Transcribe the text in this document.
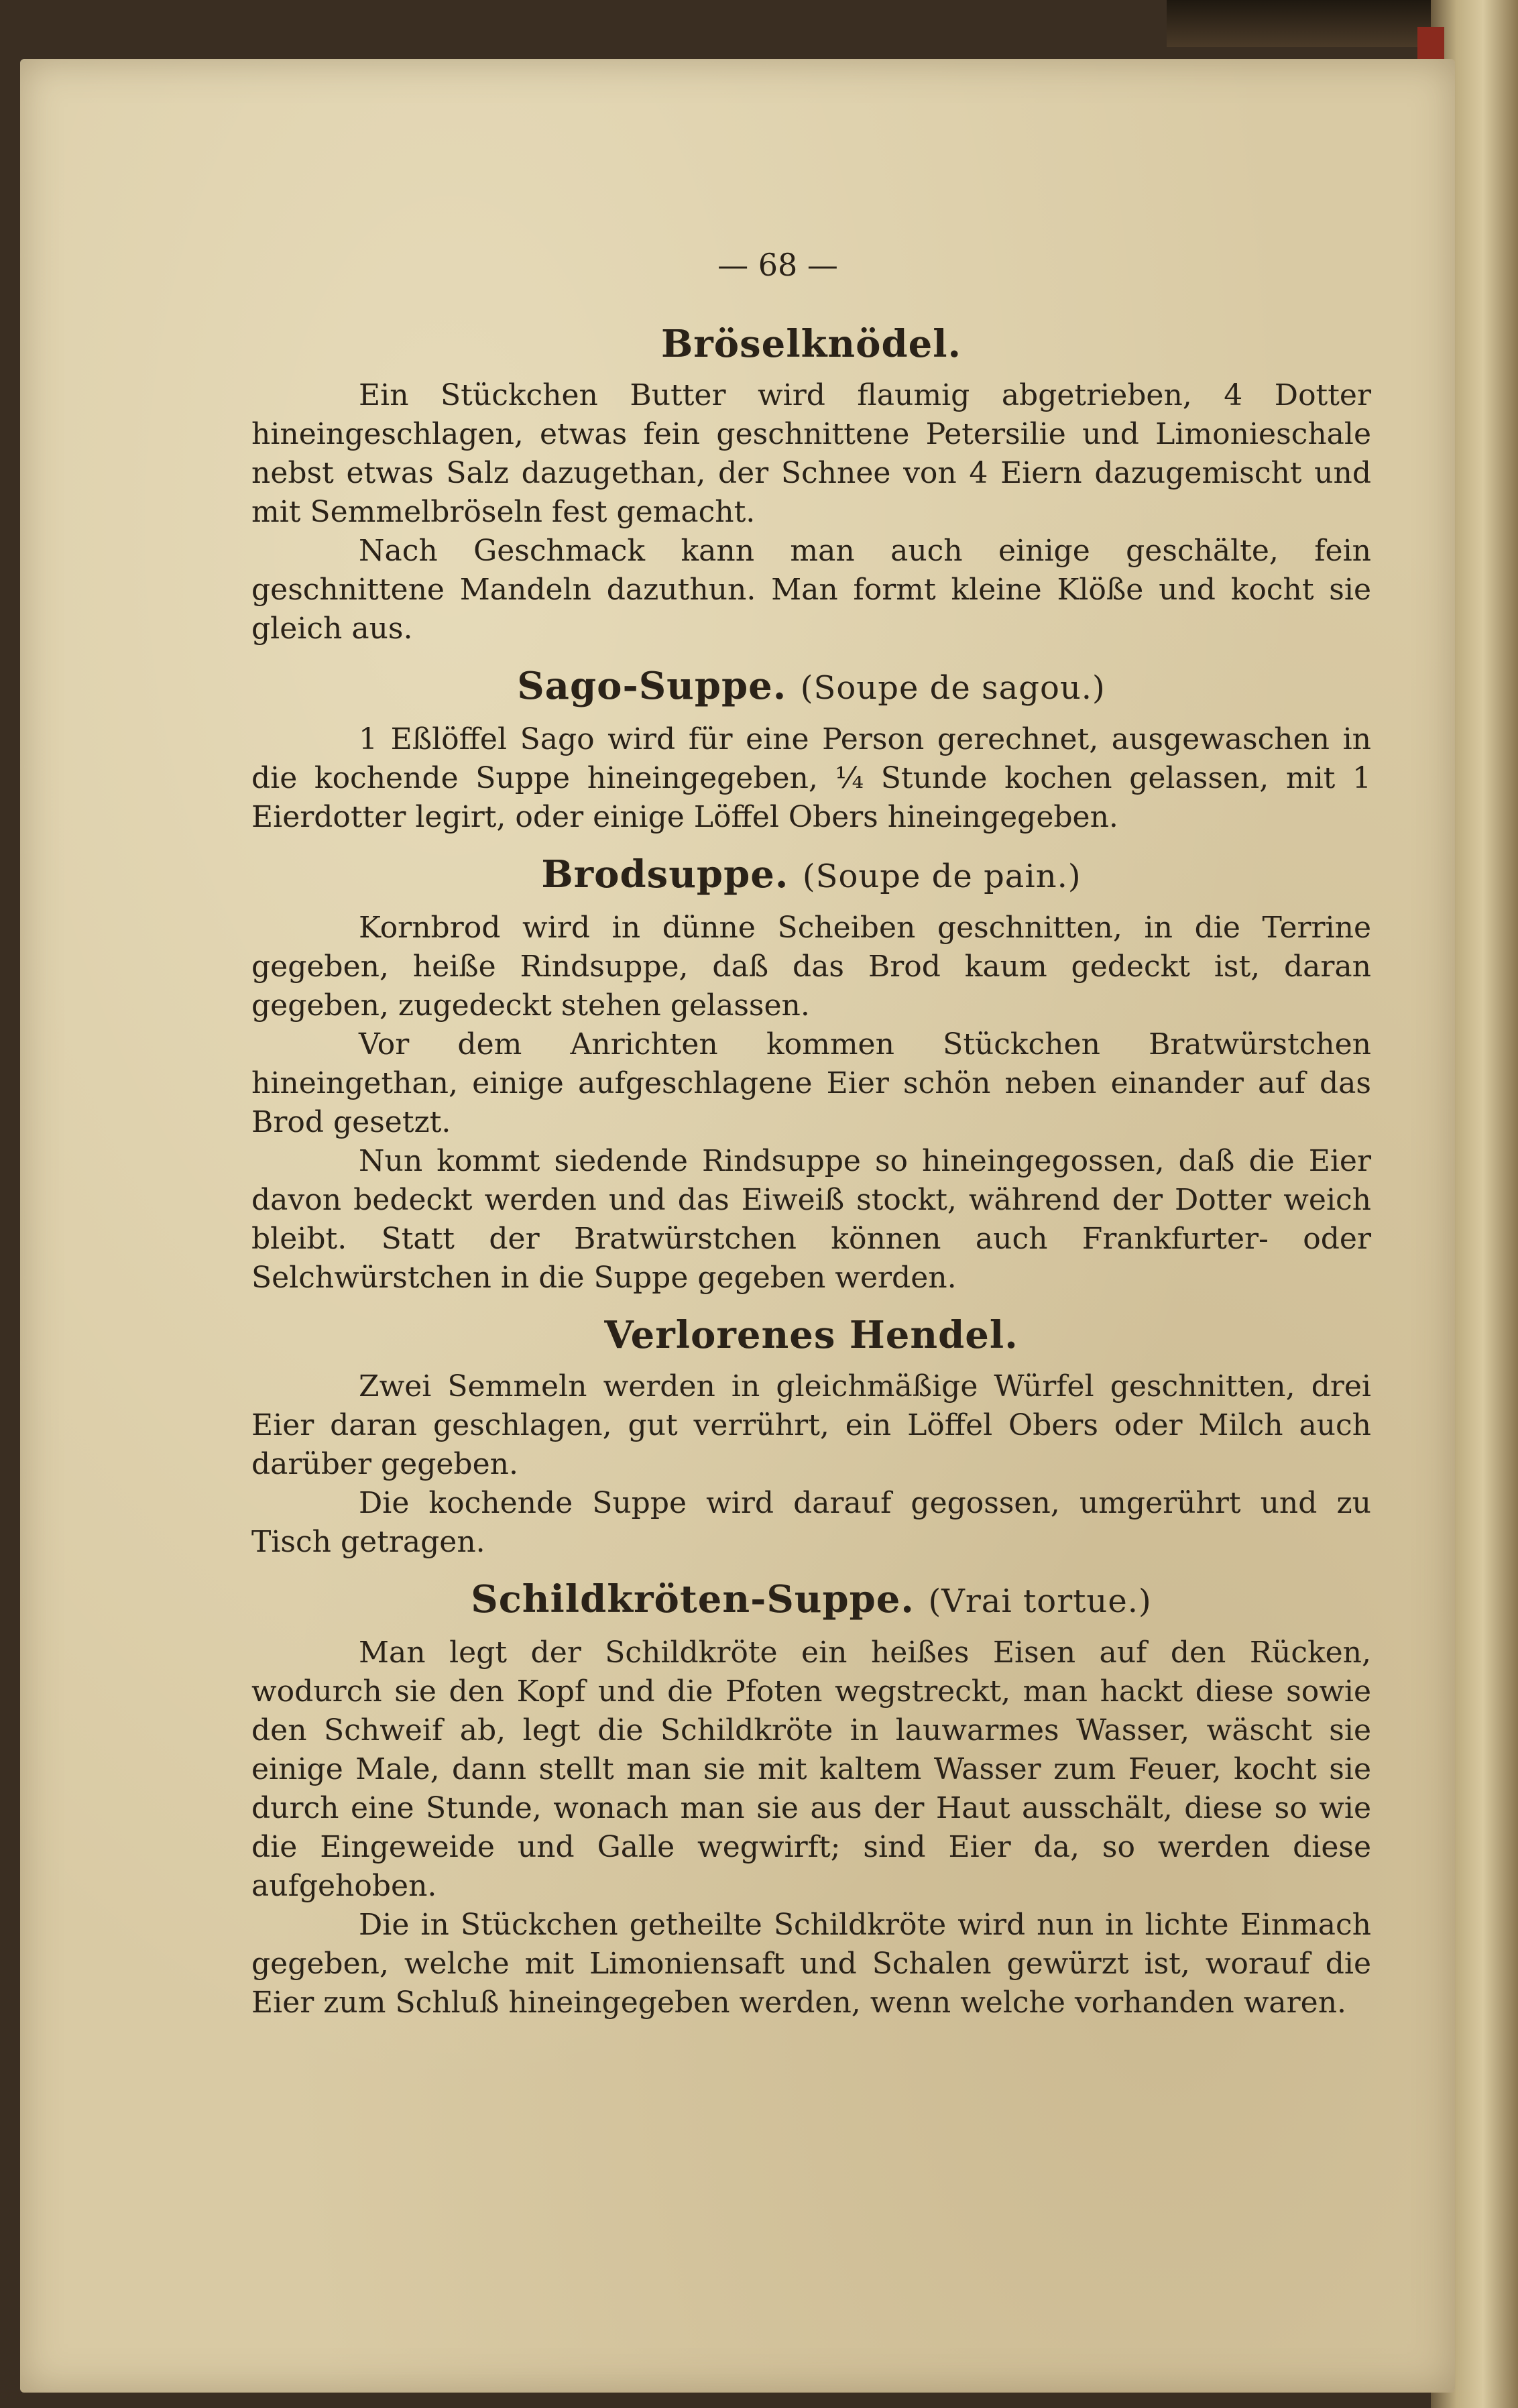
— 68 —
Bröselknödel.

Ein Stückchen Butter wird flaumig abgetrieben, 4 Dotter hineingeschlagen, etwas fein geschnittene Petersilie und Limonieschale nebst etwas Salz dazugethan, der Schnee von 4 Eiern dazugemischt und mit Semmelbröseln fest gemacht.

Nach Geschmack kann man auch einige geschälte, fein geschnittene Mandeln dazuthun. Man formt kleine Klöße und kocht sie gleich aus.

Sago-Suppe. (Soupe de sagou.)

1 Eßlöffel Sago wird für eine Person gerechnet, ausgewaschen in die kochende Suppe hineingegeben, ¼ Stunde kochen gelassen, mit 1 Eierdotter legirt, oder einige Löffel Obers hineingegeben.

Brodsuppe. (Soupe de pain.)

Kornbrod wird in dünne Scheiben geschnitten, in die Terrine gegeben, heiße Rindsuppe, daß das Brod kaum gedeckt ist, daran gegeben, zugedeckt stehen gelassen.

Vor dem Anrichten kommen Stückchen Bratwürstchen hineingethan, einige aufgeschlagene Eier schön neben einander auf das Brod gesetzt.

Nun kommt siedende Rindsuppe so hineingegossen, daß die Eier davon bedeckt werden und das Eiweiß stockt, während der Dotter weich bleibt. Statt der Bratwürstchen können auch Frankfurter- oder Selchwürstchen in die Suppe gegeben werden.

Verlorenes Hendel.

Zwei Semmeln werden in gleichmäßige Würfel geschnitten, drei Eier daran geschlagen, gut verrührt, ein Löffel Obers oder Milch auch darüber gegeben.

Die kochende Suppe wird darauf gegossen, umgerührt und zu Tisch getragen.

Schildkröten-Suppe. (Vrai tortue.)

Man legt der Schildkröte ein heißes Eisen auf den Rücken, wodurch sie den Kopf und die Pfoten wegstreckt, man hackt diese sowie den Schweif ab, legt die Schildkröte in lauwarmes Wasser, wäscht sie einige Male, dann stellt man sie mit kaltem Wasser zum Feuer, kocht sie durch eine Stunde, wonach man sie aus der Haut ausschält, diese so wie die Eingeweide und Galle wegwirft; sind Eier da, so werden diese aufgehoben.

Die in Stückchen getheilte Schildkröte wird nun in lichte Einmach gegeben, welche mit Limoniensaft und Schalen gewürzt ist, worauf die Eier zum Schluß hineingegeben werden, wenn welche vorhanden waren.
